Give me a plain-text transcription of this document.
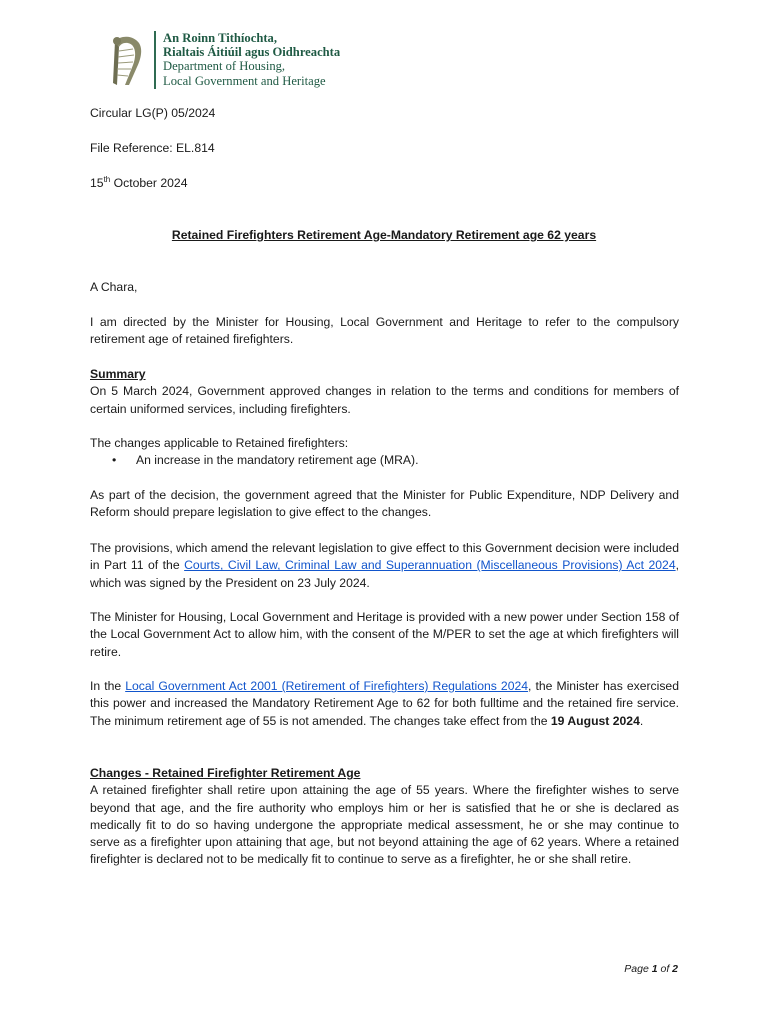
An Roinn Tithíochta,
Rialtais Áitiúil agus Oidhreachta
Department of Housing,
Local Government and Heritage
Circular LG(P) 05/2024
File Reference: EL.814
15th October 2024
Retained Firefighters Retirement Age-Mandatory Retirement age 62 years
A Chara,
I am directed by the Minister for Housing, Local Government and Heritage to refer to the compulsory retirement age of retained firefighters.
Summary
On 5 March 2024, Government approved changes in relation to the terms and conditions for members of certain uniformed services, including firefighters.
The changes applicable to Retained firefighters:
• An increase in the mandatory retirement age (MRA).
As part of the decision, the government agreed that the Minister for Public Expenditure, NDP Delivery and Reform should prepare legislation to give effect to the changes.
The provisions, which amend the relevant legislation to give effect to this Government decision were included in Part 11 of the Courts, Civil Law, Criminal Law and Superannuation (Miscellaneous Provisions) Act 2024, which was signed by the President on 23 July 2024.
The Minister for Housing, Local Government and Heritage is provided with a new power under Section 158 of the Local Government Act to allow him, with the consent of the M/PER to set the age at which firefighters will retire.
In the Local Government Act 2001 (Retirement of Firefighters) Regulations 2024, the Minister has exercised this power and increased the Mandatory Retirement Age to 62 for both fulltime and the retained fire service. The minimum retirement age of 55 is not amended. The changes take effect from the 19 August 2024.
Changes - Retained Firefighter Retirement Age
A retained firefighter shall retire upon attaining the age of 55 years. Where the firefighter wishes to serve beyond that age, and the fire authority who employs him or her is satisfied that he or she is declared as medically fit to do so having undergone the appropriate medical assessment, he or she may continue to serve as a firefighter upon attaining that age, but not beyond attaining the age of 62 years. Where a retained firefighter is declared not to be medically fit to continue to serve as a firefighter, he or she shall retire.
Page 1 of 2
